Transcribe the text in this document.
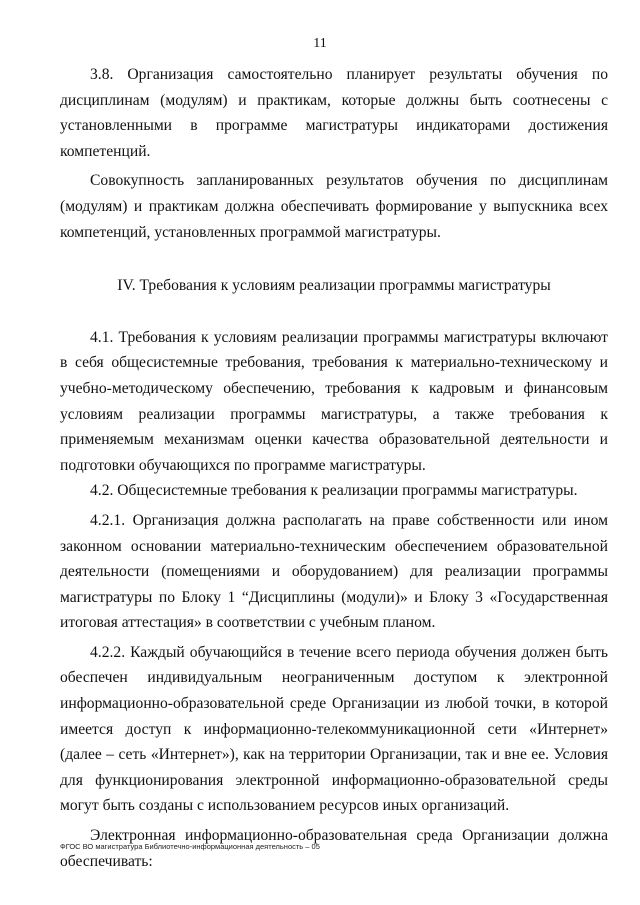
11

3.8. Организация самостоятельно планирует результаты обучения по дисциплинам (модулям) и практикам, которые должны быть соотнесены с установленными в программе магистратуры индикаторами достижения компетенций.

Совокупность запланированных результатов обучения по дисциплинам (модулям) и практикам должна обеспечивать формирование у выпускника всех компетенций, установленных программой магистратуры.

IV. Требования к условиям реализации программы магистратуры

4.1. Требования к условиям реализации программы магистратуры включают в себя общесистемные требования, требования к материально-техническому и учебно-методическому обеспечению, требования к кадровым и финансовым условиям реализации программы магистратуры, а также требования к применяемым механизмам оценки качества образовательной деятельности и подготовки обучающихся по программе магистратуры.

4.2. Общесистемные требования к реализации программы магистратуры.

4.2.1. Организация должна располагать на праве собственности или ином законном основании материально-техническим обеспечением образовательной деятельности (помещениями и оборудованием) для реализации программы магистратуры по Блоку 1 “Дисциплины (модули)» и Блоку 3 «Государственная итоговая аттестация» в соответствии с учебным планом.

4.2.2. Каждый обучающийся в течение всего периода обучения должен быть обеспечен индивидуальным неограниченным доступом к электронной информационно-образовательной среде Организации из любой точки, в которой имеется доступ к информационно-телекоммуникационной сети «Интернет» (далее – сеть «Интернет»), как на территории Организации, так и вне ее. Условия для функционирования электронной информационно-образовательной среды могут быть созданы с использованием ресурсов иных организаций.

Электронная информационно-образовательная среда Организации должна обеспечивать:

ФГОС ВО магистратура Библиотечно-информационная деятельность – 05
